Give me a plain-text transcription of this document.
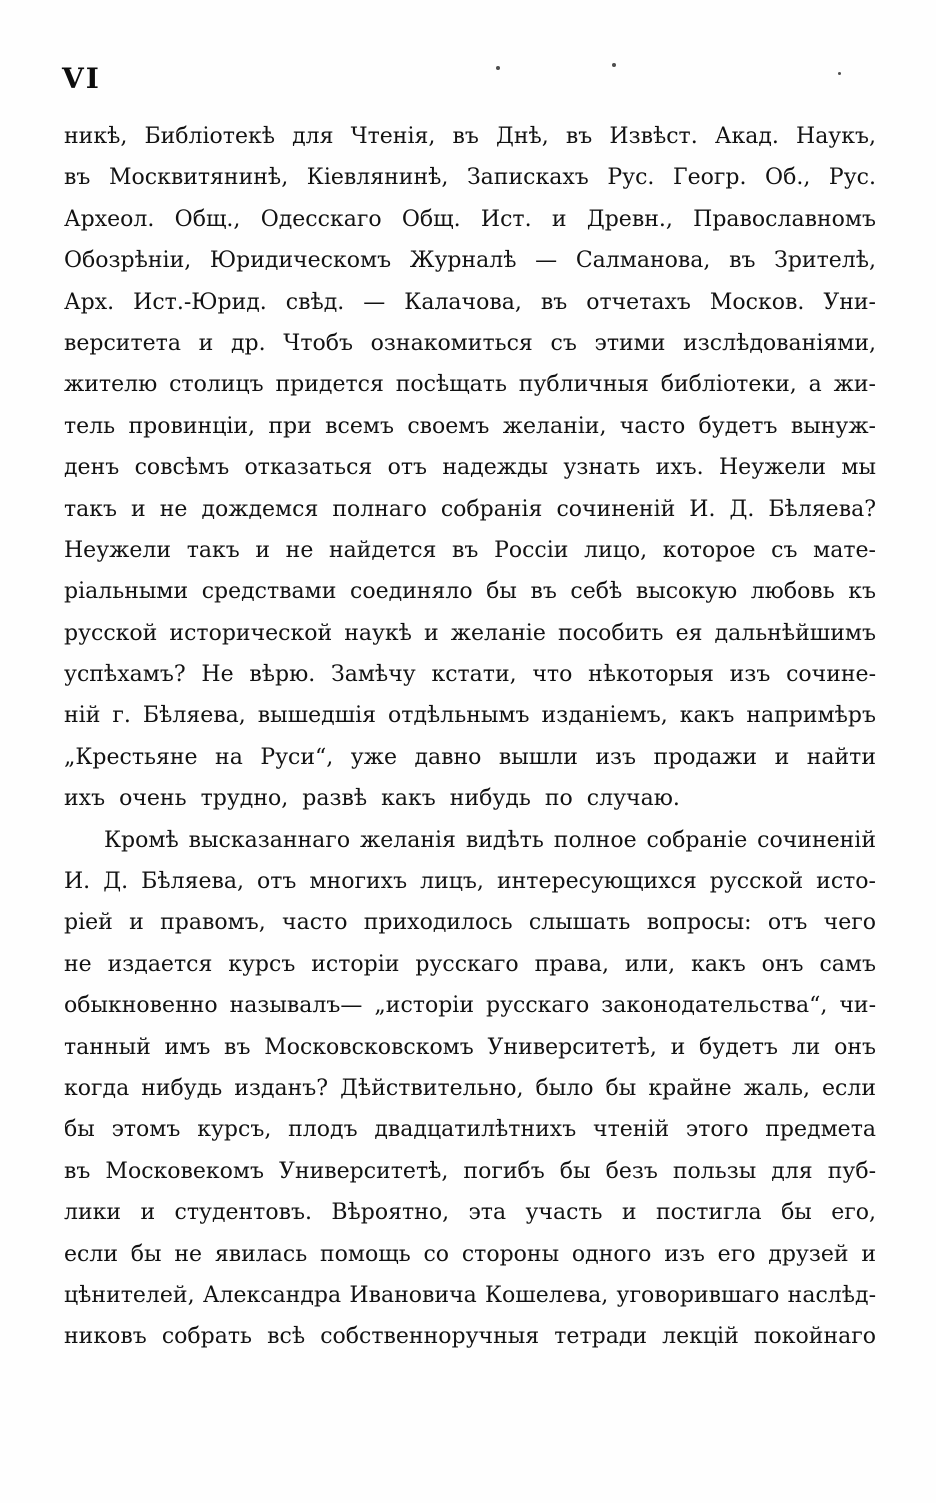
VI
никѣ, Библіотекѣ для Чтенія, въ Днѣ, въ Извѣст. Акад. Наукъ,
въ Москвитянинѣ, Кіевлянинѣ, Запискахъ Рус. Геогр. Об., Рус.
Археол. Общ., Одесскаго Общ. Ист. и Древн., Православномъ
Обозрѣніи, Юридическомъ Журналѣ — Салманова, въ Зрителѣ,
Арх. Ист.-Юрид. свѣд. — Калачова, въ отчетахъ Москов. Уни-
верситета и др. Чтобъ ознакомиться съ этими изслѣдованіями,
жителю столицъ придется посѣщать публичныя библіотеки, а жи-
тель провинціи, при всемъ своемъ желаніи, часто будетъ вынуж-
денъ совсѣмъ отказаться отъ надежды узнать ихъ. Неужели мы
такъ и не дождемся полнаго собранія сочиненій И. Д. Бѣляева?
Неужели такъ и не найдется въ Россіи лицо, которое съ мате-
ріальными средствами соединяло бы въ себѣ высокую любовь къ
русской исторической наукѣ и желаніе пособить ея дальнѣйшимъ
успѣхамъ? Не вѣрю. Замѣчу кстати, что нѣкоторыя изъ сочине-
ній г. Бѣляева, вышедшія отдѣльнымъ изданіемъ, какъ напримѣръ
„Крестьяне на Руси“, уже давно вышли изъ продажи и найти
ихъ очень трудно, развѣ какъ нибудь по случаю.
Кромѣ высказаннаго желанія видѣть полное собраніе сочиненій
И. Д. Бѣляева, отъ многихъ лицъ, интересующихся русской исто-
ріей и правомъ, часто приходилось слышать вопросы: отъ чего
не издается курсъ исторіи русскаго права, или, какъ онъ самъ
обыкновенно называлъ— „исторіи русскаго законодательства“, чи-
танный имъ въ Московсковскомъ Университетѣ, и будетъ ли онъ
когда нибудь изданъ? Дѣйствительно, было бы крайне жаль, если
бы этомъ курсъ, плодъ двадцатилѣтнихъ чтеній этого предмета
въ Московекомъ Университетѣ, погибъ бы безъ пользы для пуб-
лики и студентовъ. Вѣроятно, эта участь и постигла бы его,
если бы не явилась помощь со стороны одного изъ его друзей и
цѣнителей, Александра Ивановича Кошелева, уговорившаго наслѣд-
никовъ собрать всѣ собственноручныя тетради лекцій покойнаго
